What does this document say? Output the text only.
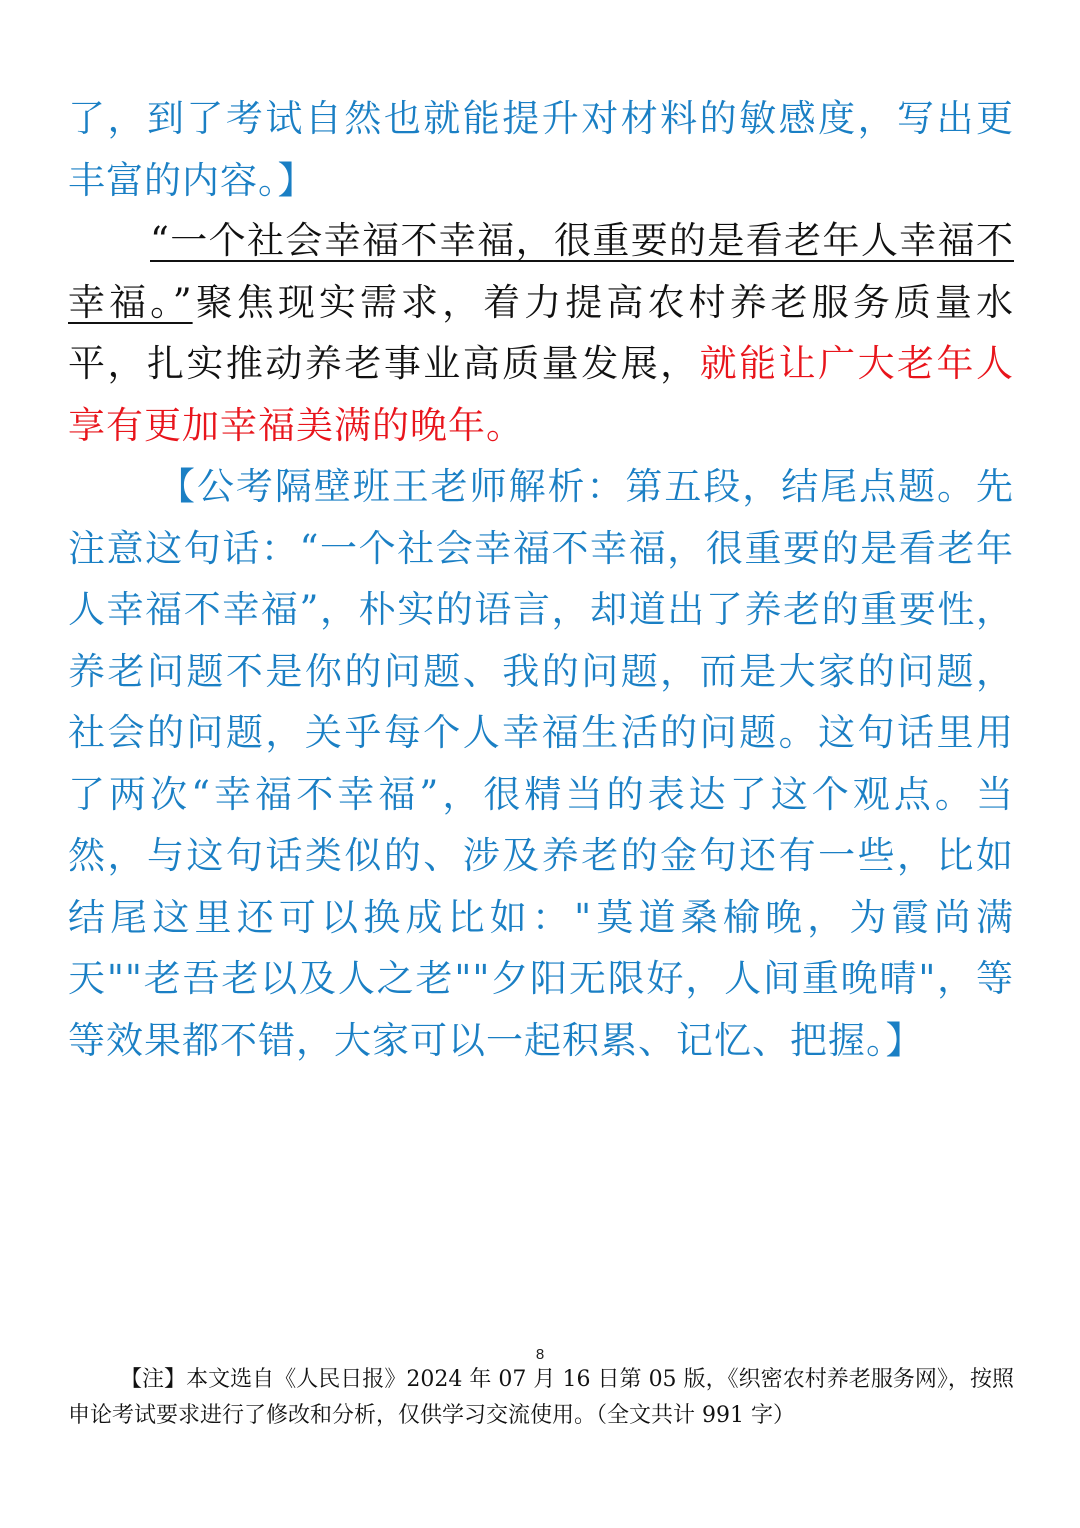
了，到了考试自然也就能提升对材料的敏感度，写出更丰富的内容。】

“一个社会幸福不幸福，很重要的是看老年人幸福不幸福。”聚焦现实需求，着力提高农村养老服务质量水平，扎实推动养老事业高质量发展，就能让广大老年人享有更加幸福美满的晚年。

【公考隔壁班王老师解析：第五段，结尾点题。先注意这句话：“一个社会幸福不幸福，很重要的是看老年人幸福不幸福”，朴实的语言，却道出了养老的重要性，养老问题不是你的问题、我的问题，而是大家的问题，社会的问题，关乎每个人幸福生活的问题。这句话里用了两次“幸福不幸福”，很精当的表达了这个观点。当然，与这句话类似的、涉及养老的金句还有一些，比如结尾这里还可以换成比如："莫道桑榆晚，为霞尚满天""老吾老以及人之老""夕阳无限好，人间重晚晴"，等等效果都不错，大家可以一起积累、记忆、把握。】

8

【注】本文选自《人民日报》2024 年 07 月 16 日第 05 版，《织密农村养老服务网》，按照申论考试要求进行了修改和分析，仅供学习交流使用。（全文共计 991 字）
